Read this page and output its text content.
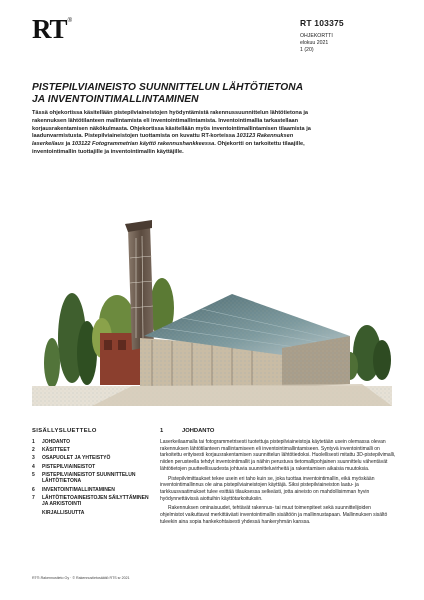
RT ®	RT 103375
OHJEKORTTI
elokuu 2021
1 (20)
PISTEPILVIAINEISTO SUUNNITTELUN LÄHTÖTIETONA
JA INVENTOINTIMALLINTAMINEN
Tässä ohjekortissa käsitellään pistepilviaineistojen hyödyntämistä rakennussuunnittelun lähtötietona ja rakennuksen lähtötilanteen mallintamista eli inventointimallintamista. Inventointimallia tarkastellaan korjausrakentamisen näkökulmasta. Ohjekortissa käsitellään myös inventointimallintamisen tilaamista ja laadunvarmistusta. Pistepilviaineistojen tuottamista on kuvattu RT-korteissa 103123 Rakennuksen laserkeilaus ja 103122 Fotogrammetrian käyttö rakennushankkeessa. Ohjekortti on tarkoitettu tilaajille, inventointimallin tuottajille ja inventointimallin käyttäjille.
SISÄLLYSLUETTELO
1	JOHDANTO
2	KÄSITTEET
3	OSAPUOLET JA YHTEISTYÖ
4	PISTEPILVIAINEISTOT
5	PISTEPILVIAINEISTOT SUUNNITTELUN LÄHTÖTIETONA
6	INVENTOINTIMALLINTAMINEN
7	LÄHTÖTIETOAINEISTOJEN SÄILYTTÄMINEN JA ARKISTOINTI
KIRJALLISUUTTA
1	JOHDANTO

Laserkeilaamalla tai fotogrammetrisesti tuotettuja pistepilviaineistoja käytetään usein olemassa olevan rakennuksen lähtötilanteen mallintamiseen eli inventointimallintamiseen. Syntyvä inventointimalli on tarkoitettu erityisesti korjausrakentamisen suunnittelun lähtötiedoksi. Huolellisesti mitattu 3D-pistepilvimalli, niiden perusteella tehdyt inventointimallit ja näihin perustuva tietomallipohjainen suunnittelu vähentävät lähtötietojen puutteellisuudesta johtuvia suunnitteluvirheitä ja rakentamisen aikaisia muutoksia.

Pistepilvimittaukset tekee usein eri taho kuin se, joka tuottaa inventointimallin, eikä myöskään inventointimallinnus ole aina pistepilviaineistojen käyttäjä. Siksi pistepilviaineiston laatu- ja tarkkuusvaatimukset tulee esittää tilauksessa selkeästi, jotta aineisto on mahdollisimman hyvin hyödynnettävissä aiottuihin käyttötarkoituksiin.

Rakennuksen ominaisuudet, tehtävät rakennus- tai muut toimenpiteet sekä suunnittelijoiden ohjelmistot vaikuttavat merkittävästi inventointimallin sisältöön ja mallinnustapaan. Mallinnuksen sisältö tuleekin aina sopia hankekohtaisesti yhdessä hankeryhmän kanssa.

RT®-Rakennustieto Oy · © Rakennustietosäätiö RTS sr 2021
